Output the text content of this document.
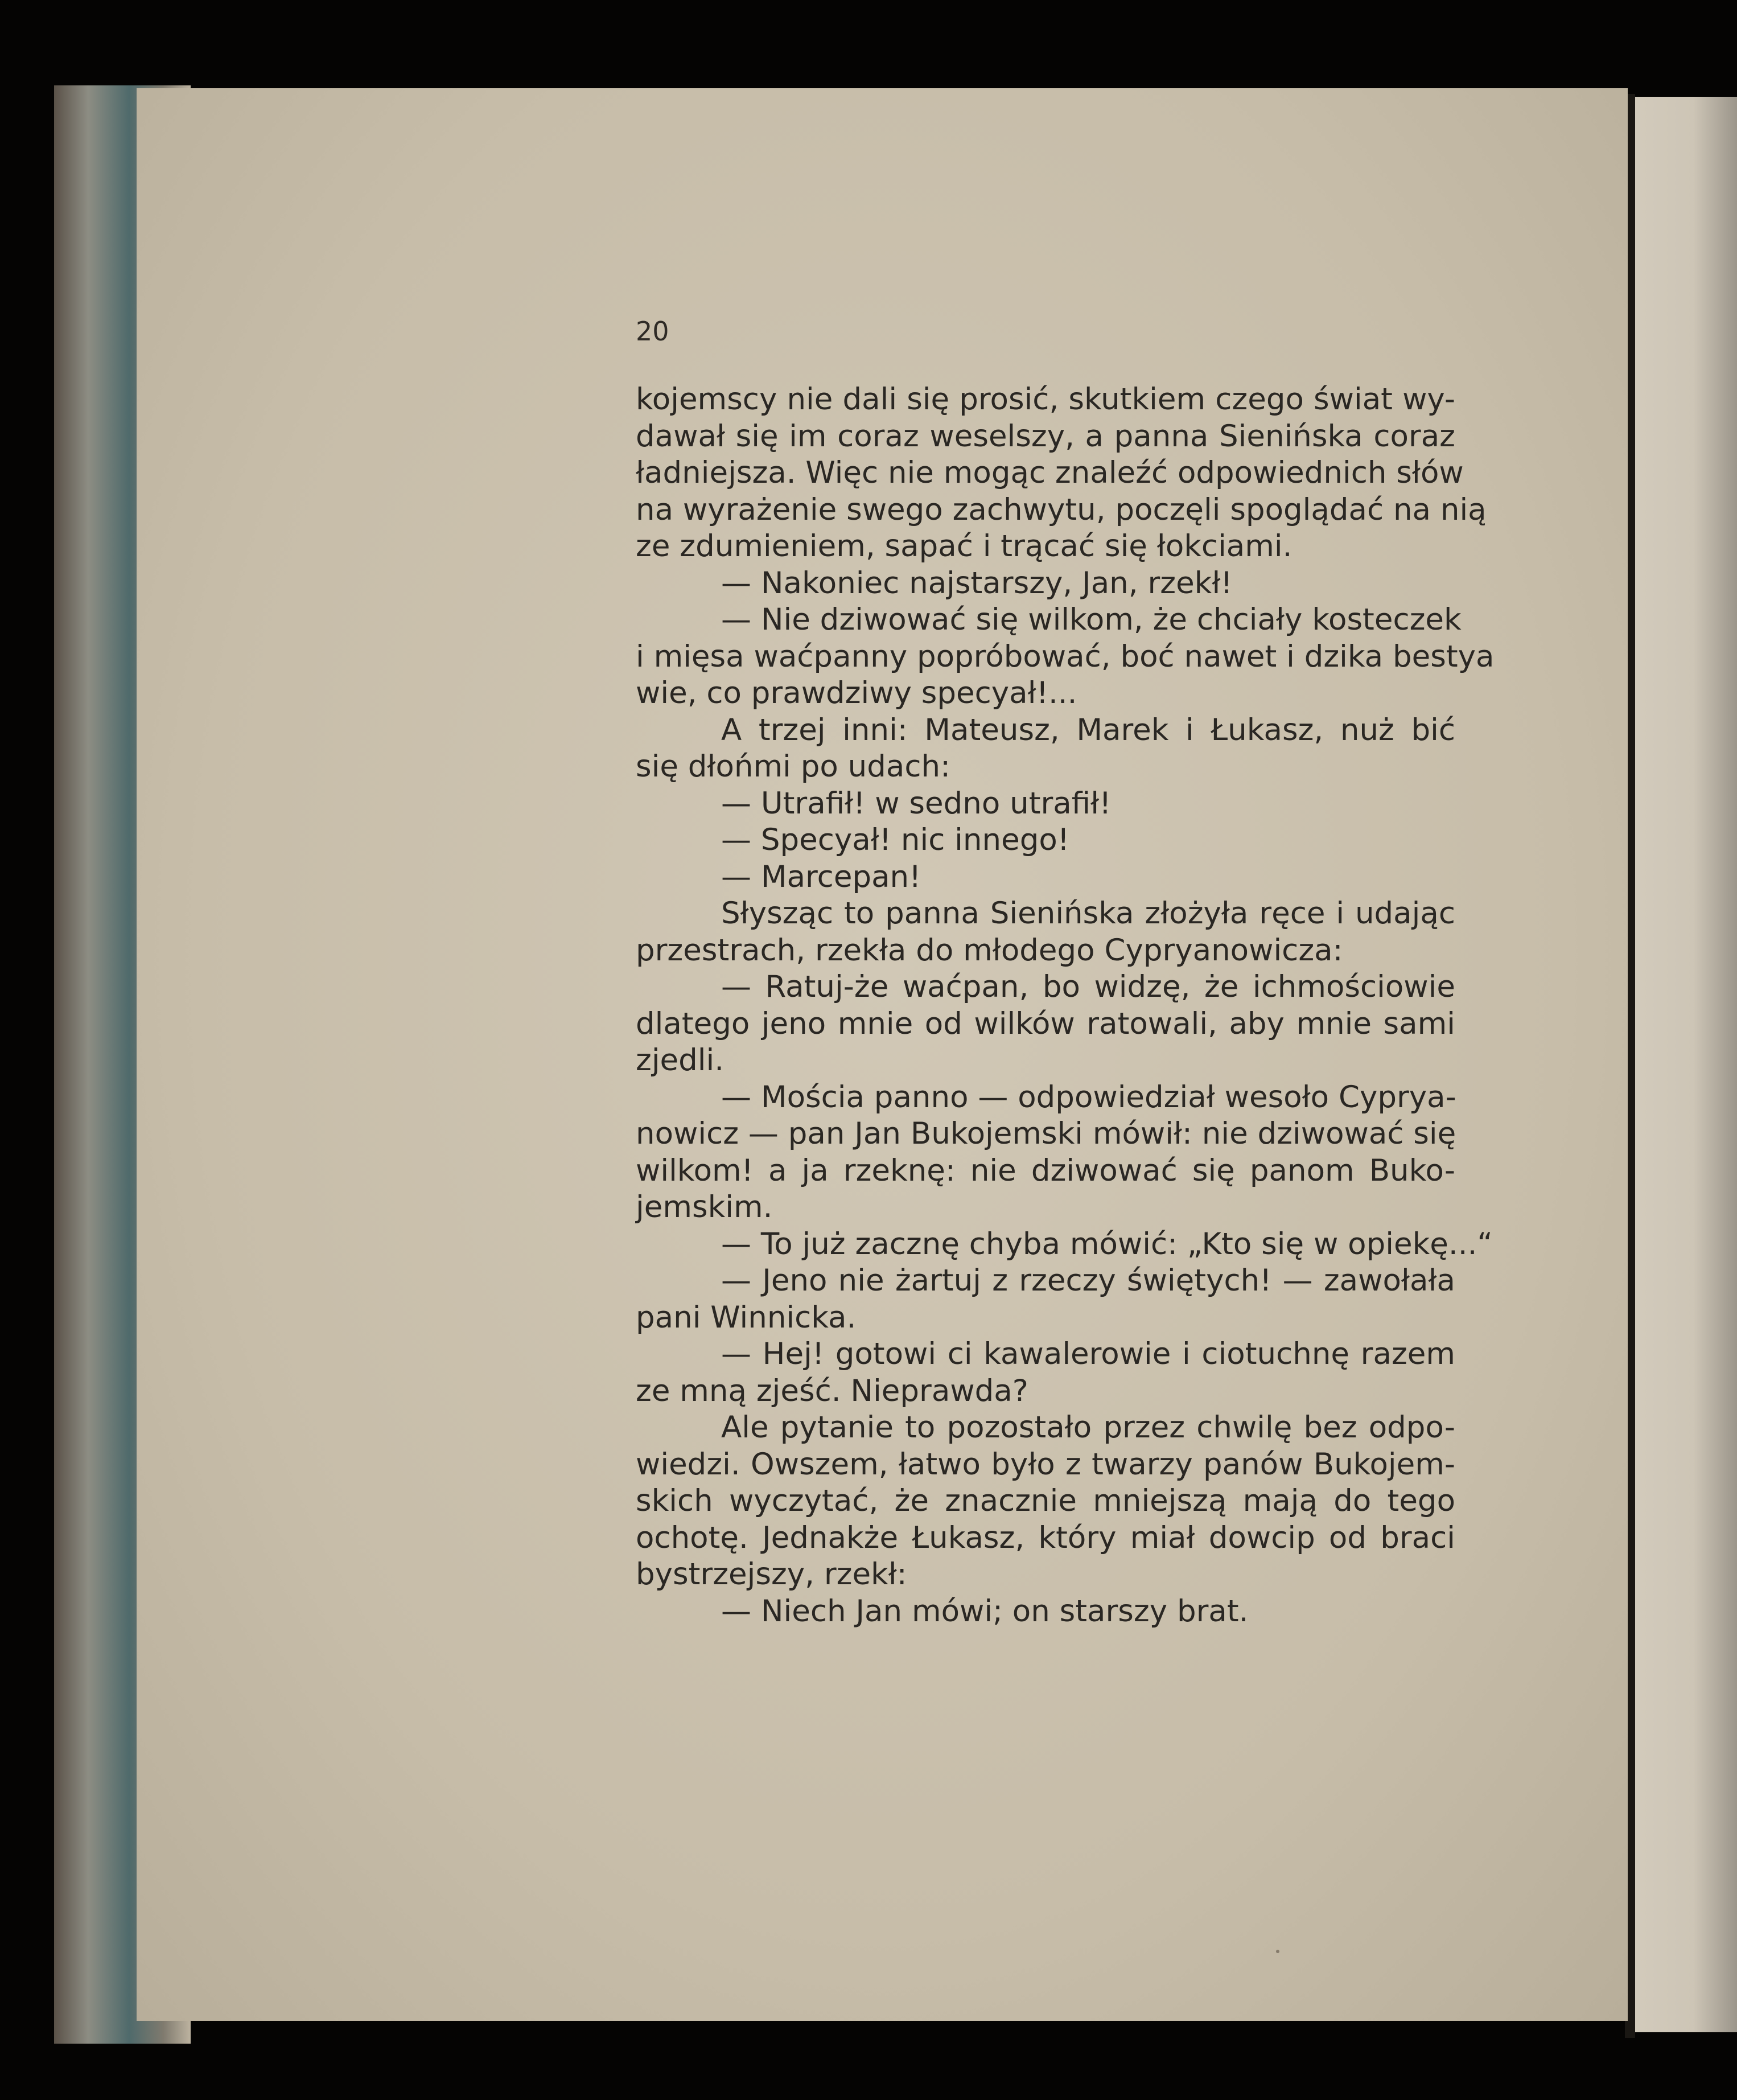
20
kojemscy nie dali się prosić, skutkiem czego świat wy-
dawał się im coraz weselszy, a panna Sienińska coraz
ładniejsza. Więc nie mogąc znaleźć odpowiednich słów
na wyrażenie swego zachwytu, poczęli spoglądać na nią
ze zdumieniem, sapać i trącać się łokciami.
— Nakoniec najstarszy, Jan, rzekł!
— Nie dziwować się wilkom, że chciały kosteczek
i mięsa waćpanny popróbować, boć nawet i dzika bestya
wie, co prawdziwy specyał!...
A trzej inni: Mateusz, Marek i Łukasz, nuż bić
się dłońmi po udach:
— Utrafił! w sedno utrafił!
— Specyał! nic innego!
— Marcepan!
Słysząc to panna Sienińska złożyła ręce i udając
przestrach, rzekła do młodego Cypryanowicza:
— Ratuj-że waćpan, bo widzę, że ichmościowie
dlatego jeno mnie od wilków ratowali, aby mnie sami
zjedli.
— Mościa panno — odpowiedział wesoło Cyprya-
nowicz — pan Jan Bukojemski mówił: nie dziwować się
wilkom! a ja rzeknę: nie dziwować się panom Buko-
jemskim.
— To już zacznę chyba mówić: „Kto się w opiekę...“
— Jeno nie żartuj z rzeczy świętych! — zawołała
pani Winnicka.
— Hej! gotowi ci kawalerowie i ciotuchnę razem
ze mną zjeść. Nieprawda?
Ale pytanie to pozostało przez chwilę bez odpo-
wiedzi. Owszem, łatwo było z twarzy panów Bukojem-
skich wyczytać, że znacznie mniejszą mają do tego
ochotę. Jednakże Łukasz, który miał dowcip od braci
bystrzejszy, rzekł:
— Niech Jan mówi; on starszy brat.
